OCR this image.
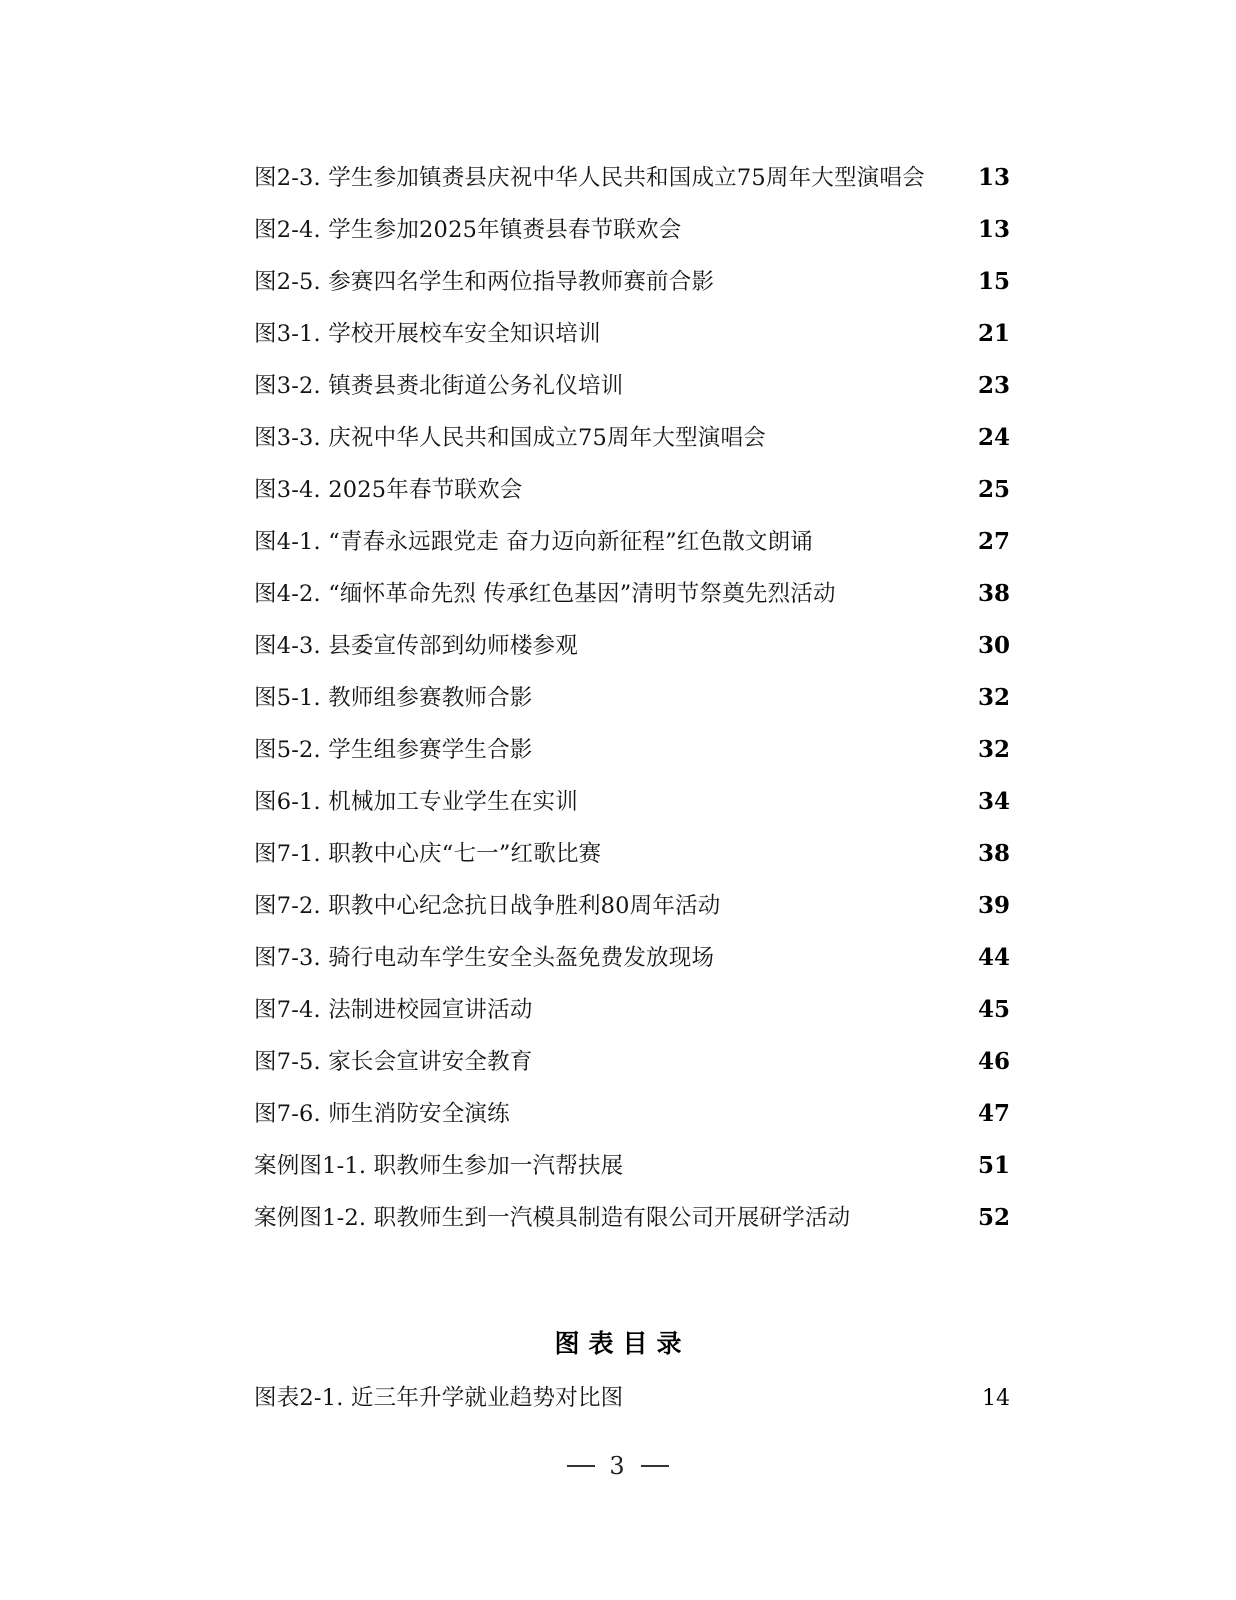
图2-3. 学生参加镇赉县庆祝中华人民共和国成立75周年大型演唱会 ..... 13
图2-4. 学生参加2025年镇赉县春节联欢会 .....	13
图2-5. 参赛四名学生和两位指导教师赛前合影 .....	15
图3-1. 学校开展校车安全知识培训 .....	21
图3-2. 镇赉县赉北街道公务礼仪培训 .....	23
图3-3. 庆祝中华人民共和国成立75周年大型演唱会 .....	24
图3-4. 2025年春节联欢会 .....	25
图4-1. “青春永远跟党走 奋力迈向新征程”红色散文朗诵 .....	27
图4-2. “缅怀革命先烈 传承红色基因”清明节祭奠先烈活动 .....	38
图4-3. 县委宣传部到幼师楼参观 .....	30
图5-1. 教师组参赛教师合影 .....	32
图5-2. 学生组参赛学生合影 .....	32
图6-1. 机械加工专业学生在实训 .....	34
图7-1. 职教中心庆“七一”红歌比赛 .....	38
图7-2. 职教中心纪念抗日战争胜利80周年活动 .....	39
图7-3. 骑行电动车学生安全头盔免费发放现场 .....	44
图7-4. 法制进校园宣讲活动 .....	45
图7-5. 家长会宣讲安全教育 .....	46
图7-6. 师生消防安全演练 .....	47
案例图1-1. 职教师生参加一汽帮扶展 .....	51
案例图1-2. 职教师生到一汽模具制造有限公司开展研学活动 .....	52
图表目录
图表2-1. 近三年升学就业趋势对比图 .....	14
3
